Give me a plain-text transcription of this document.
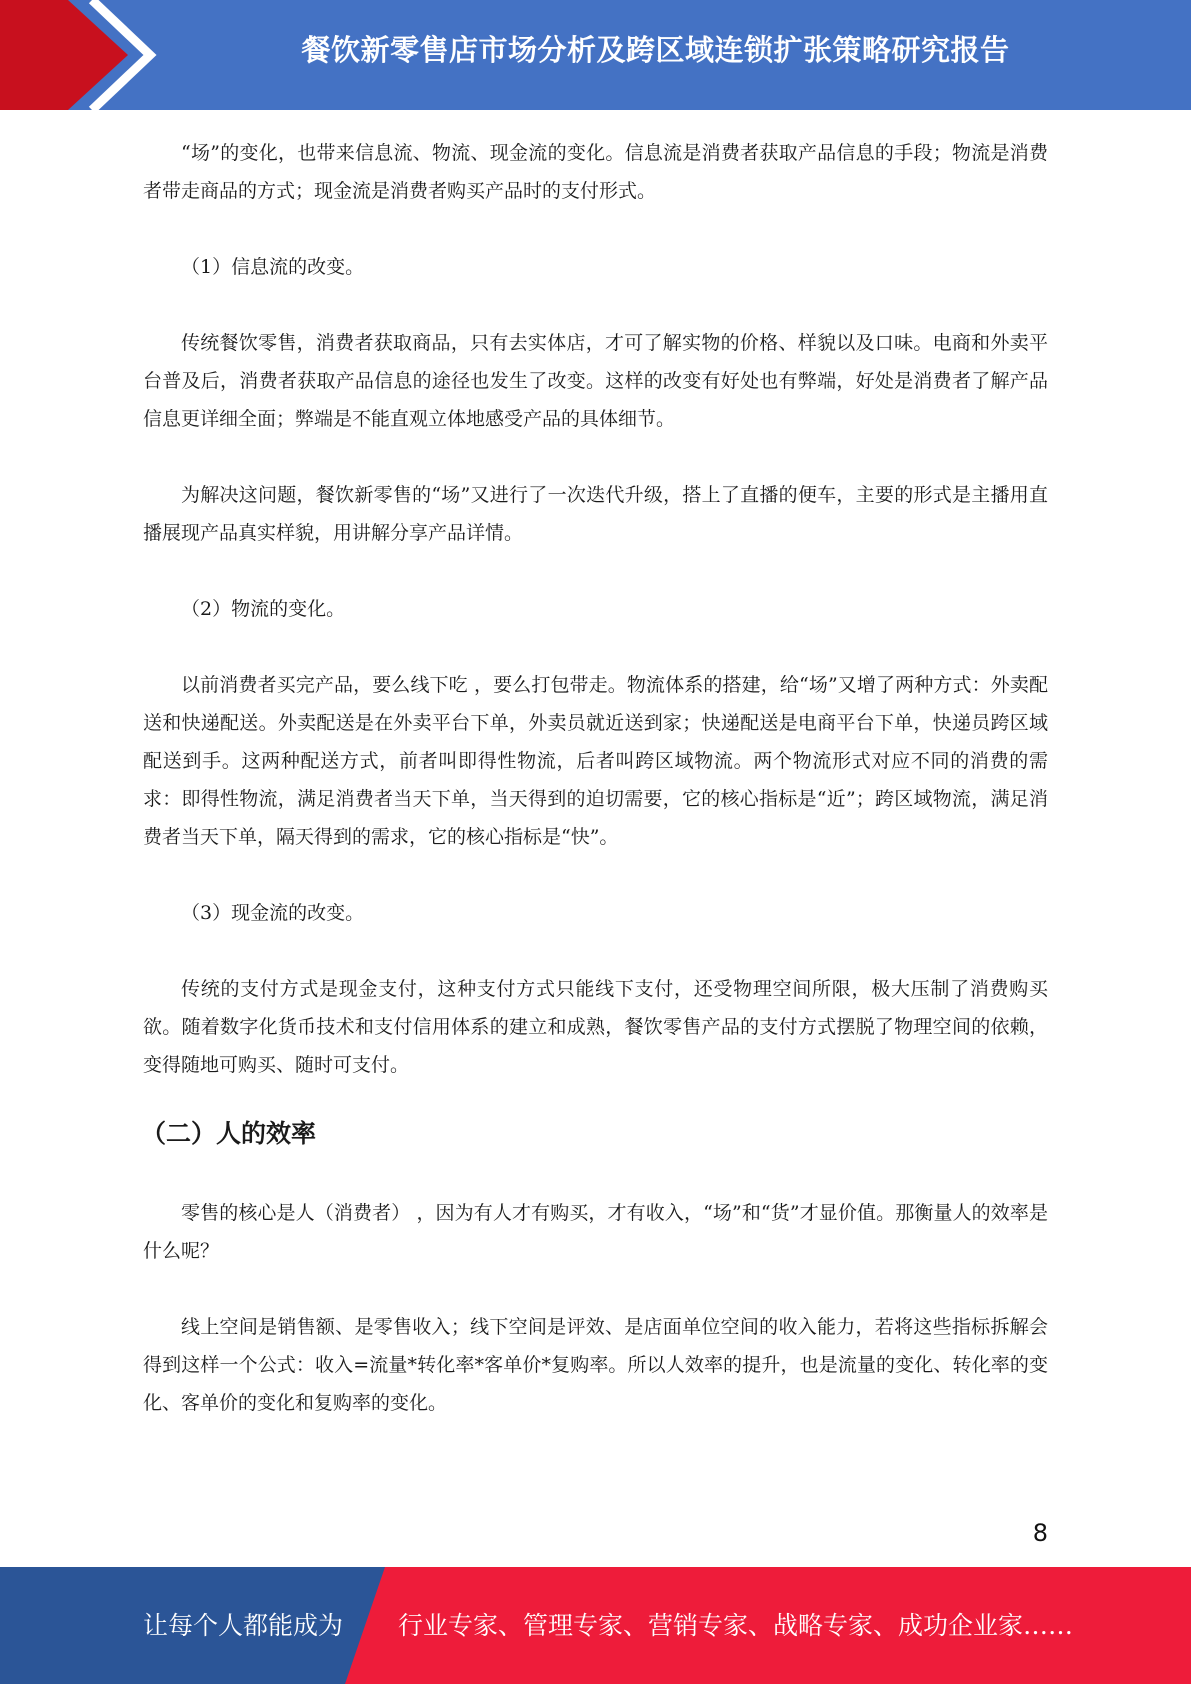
餐饮新零售店市场分析及跨区域连锁扩张策略研究报告

“场”的变化，也带来信息流、物流、现金流的变化。信息流是消费者获取产品信息的手段；物流是消费者带走商品的方式；现金流是消费者购买产品时的支付形式。

（1）信息流的改变。

传统餐饮零售，消费者获取商品，只有去实体店，才可了解实物的价格、样貌以及口味。电商和外卖平台普及后，消费者获取产品信息的途径也发生了改变。这样的改变有好处也有弊端，好处是消费者了解产品信息更详细全面；弊端是不能直观立体地感受产品的具体细节。

为解决这问题，餐饮新零售的“场”又进行了一次迭代升级，搭上了直播的便车，主要的形式是主播用直播展现产品真实样貌，用讲解分享产品详情。

（2）物流的变化。

以前消费者买完产品，要么线下吃 ，要么打包带走。物流体系的搭建，给“场”又增了两种方式：外卖配送和快递配送。外卖配送是在外卖平台下单，外卖员就近送到家；快递配送是电商平台下单，快递员跨区域配送到手。这两种配送方式，前者叫即得性物流，后者叫跨区域物流。两个物流形式对应不同的消费的需求：即得性物流，满足消费者当天下单，当天得到的迫切需要，它的核心指标是“近”；跨区域物流，满足消费者当天下单，隔天得到的需求，它的核心指标是“快”。

（3）现金流的改变。

传统的支付方式是现金支付，这种支付方式只能线下支付，还受物理空间所限，极大压制了消费购买欲。随着数字化货币技术和支付信用体系的建立和成熟，餐饮零售产品的支付方式摆脱了物理空间的依赖，变得随地可购买、随时可支付。

（二）人的效率

零售的核心是人（消费者） ，因为有人才有购买，才有收入，“场”和“货”才显价值。那衡量人的效率是什么呢？

线上空间是销售额、是零售收入；线下空间是评效、是店面单位空间的收入能力，若将这些指标拆解会得到这样一个公式：收入=流量*转化率*客单价*复购率。所以人效率的提升，也是流量的变化、转化率的变化、客单价的变化和复购率的变化。

8

让每个人都能成为 行业专家、管理专家、营销专家、战略专家、成功企业家……
